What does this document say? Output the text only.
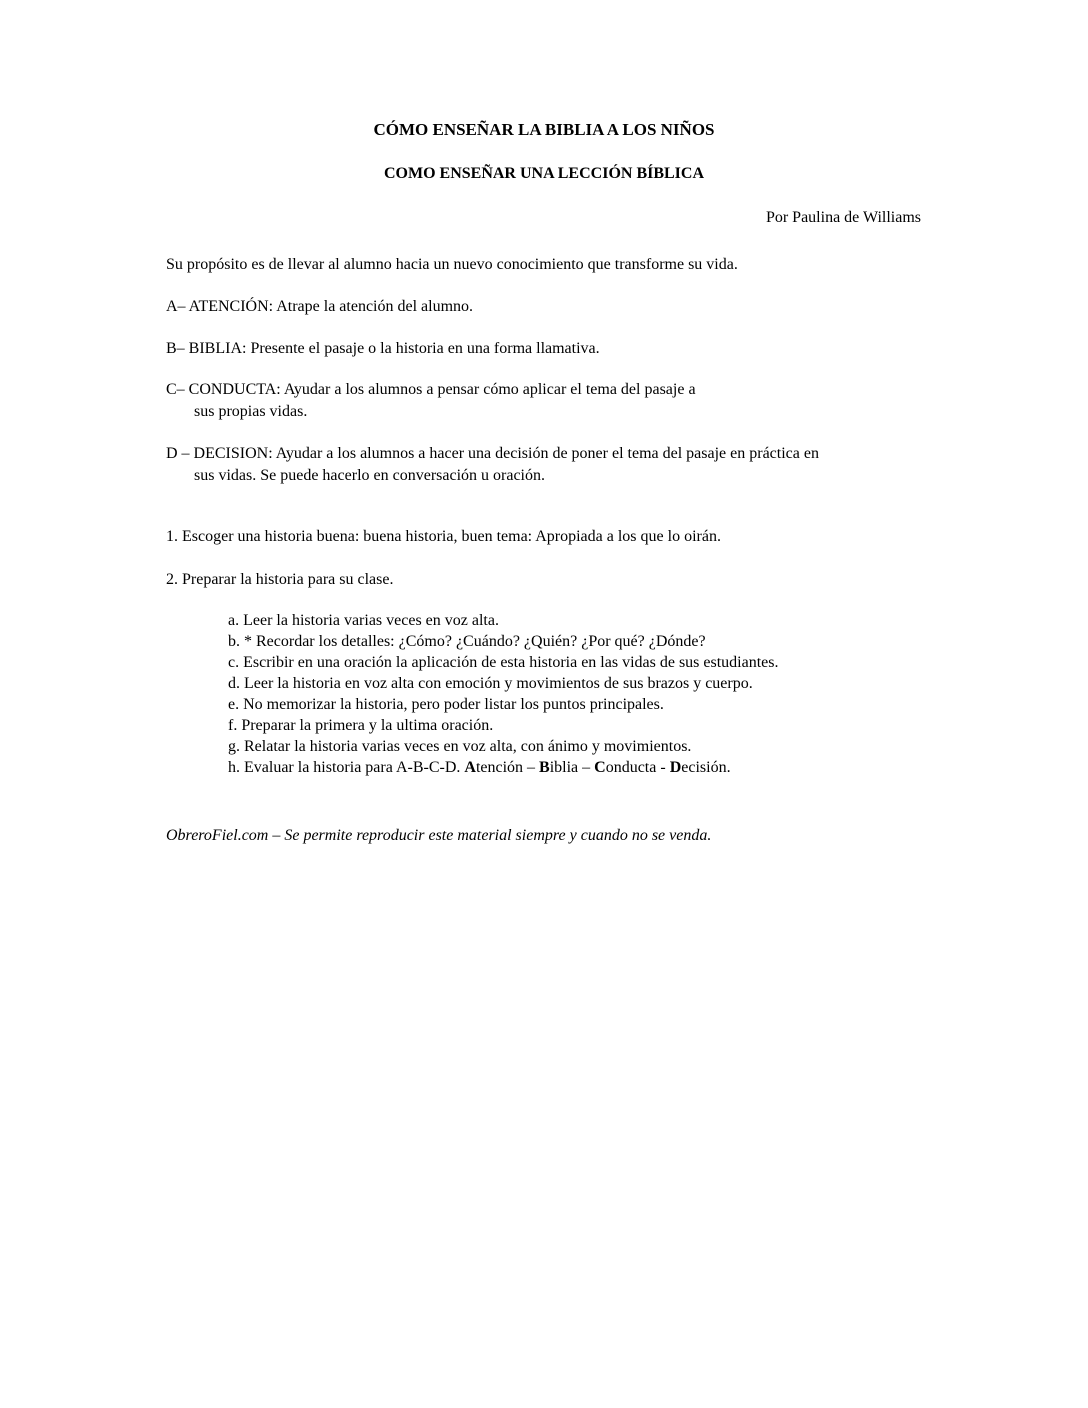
CÓMO ENSEÑAR LA BIBLIA A LOS NIÑOS
COMO ENSEÑAR UNA LECCIÓN BÍBLICA
Por Paulina de Williams
Su propósito es de llevar al alumno hacia un nuevo conocimiento que transforme su vida.
A– ATENCIÓN: Atrape la atención del alumno.
B– BIBLIA: Presente el pasaje o la historia en una forma llamativa.
C– CONDUCTA: Ayudar a los alumnos a pensar cómo aplicar el tema del pasaje a
sus propias vidas.
D – DECISION: Ayudar a los alumnos a hacer una decisión de poner el tema del pasaje en práctica en
sus vidas. Se puede hacerlo en conversación u oración.
1. Escoger una historia buena: buena historia, buen tema: Apropiada a los que lo oirán.
2. Preparar la historia para su clase.
a. Leer la historia varias veces en voz alta.
b. * Recordar los detalles: ¿Cómo? ¿Cuándo? ¿Quién? ¿Por qué? ¿Dónde?
c. Escribir en una oración la aplicación de esta historia en las vidas de sus estudiantes.
d. Leer la historia en voz alta con emoción y movimientos de sus brazos y cuerpo.
e. No memorizar la historia, pero poder listar los puntos principales.
f. Preparar la primera y la ultima oración.
g. Relatar la historia varias veces en voz alta, con ánimo y movimientos.
h. Evaluar la historia para A-B-C-D. Atención – Biblia – Conducta - Decisión.
ObreroFiel.com – Se permite reproducir este material siempre y cuando no se venda.
